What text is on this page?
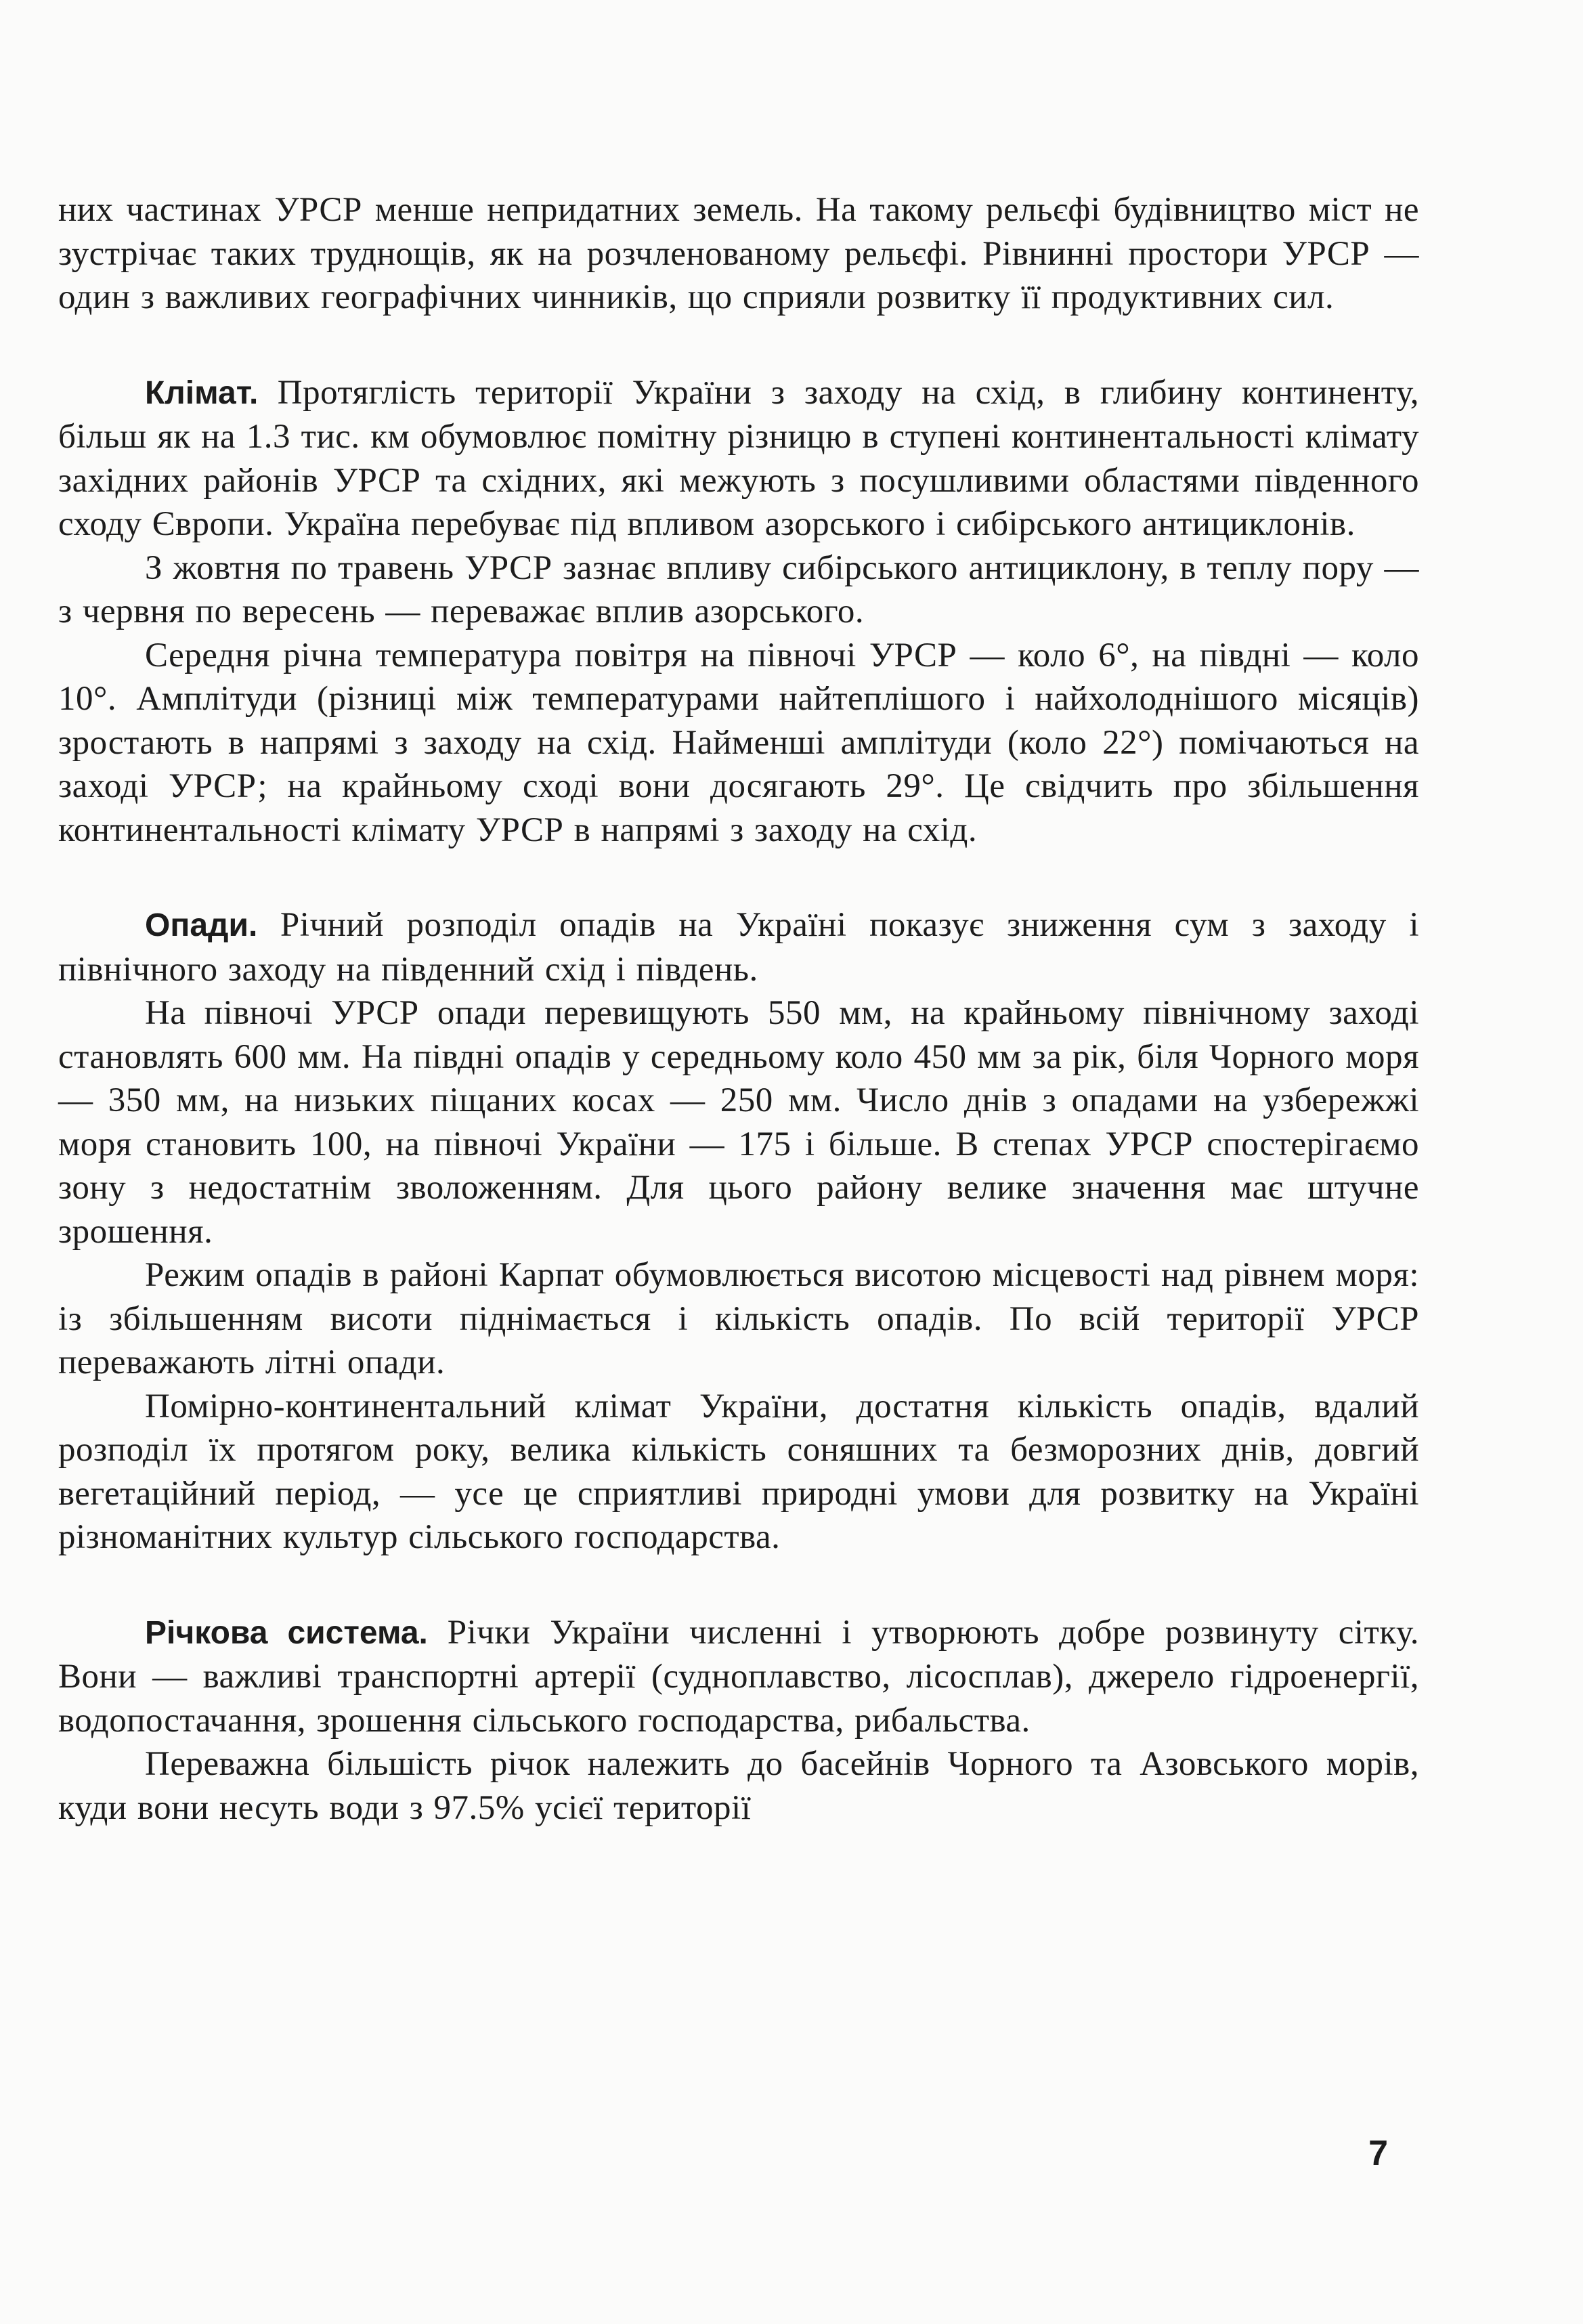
них частинах УРСР менше непридатних земель. На такому рельєфі будівництво міст не зустрічає таких труднощів, як на розчленованому рельєфі. Рівнинні простори УРСР — один з важливих географічних чинників, що сприяли розвитку її продуктивних сил.

Клімат. Протяглість території України з заходу на схід, в глибину континенту, більш як на 1.3 тис. км обумовлює помітну різницю в ступені континентальності клімату західних районів УРСР та східних, які межують з посушливими областями південного сходу Європи. Україна перебуває під впливом азорського і сибірського антициклонів.

З жовтня по травень УРСР зазнає впливу сибірського антициклону, в теплу пору — з червня по вересень — переважає вплив азорського.

Середня річна температура повітря на півночі УРСР — коло 6°, на півдні — коло 10°. Амплітуди (різниці між температурами найтеплішого і найхолоднішого місяців) зростають в напрямі з заходу на схід. Найменші амплітуди (коло 22°) помічаються на заході УРСР; на крайньому сході вони досягають 29°. Це свідчить про збільшення континентальності клімату УРСР в напрямі з заходу на схід.

Опади. Річний розподіл опадів на Україні показує зниження сум з заходу і північного заходу на південний схід і південь.

На півночі УРСР опади перевищують 550 мм, на крайньому північному заході становлять 600 мм. На півдні опадів у середньому коло 450 мм за рік, біля Чорного моря — 350 мм, на низьких піщаних косах — 250 мм. Число днів з опадами на узбережжі моря становить 100, на півночі України — 175 і більше. В степах УРСР спостерігаємо зону з недостатнім зволоженням. Для цього району велике значення має штучне зрошення.

Режим опадів в районі Карпат обумовлюється висотою місцевості над рівнем моря: із збільшенням висоти піднімається і кількість опадів. По всій території УРСР переважають літні опади.

Помірно-континентальний клімат України, достатня кількість опадів, вдалий розподіл їх протягом року, велика кількість соняшних та безморозних днів, довгий вегетаційний період, — усе це сприятливі природні умови для розвитку на Україні різноманітних культур сільського господарства.

Річкова система. Річки України численні і утворюють добре розвинуту сітку. Вони — важливі транспортні артерії (судноплавство, лісосплав), джерело гідроенергії, водопостачання, зрошення сільського господарства, рибальства.

Переважна більшість річок належить до басейнів Чорного та Азовського морів, куди вони несуть води з 97.5% усієї території

7
